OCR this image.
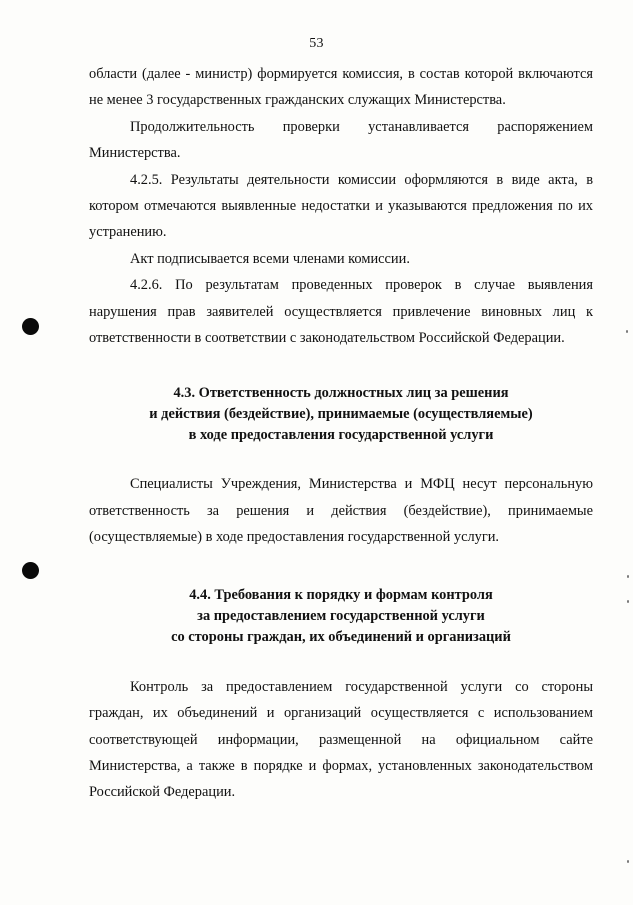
53

области (далее - министр) формируется комиссия, в состав которой включаются не менее 3 государственных гражданских служащих Министерства.

Продолжительность проверки устанавливается распоряжением Министерства.

4.2.5. Результаты деятельности комиссии оформляются в виде акта, в котором отмечаются выявленные недостатки и указываются предложения по их устранению.

Акт подписывается всеми членами комиссии.

4.2.6. По результатам проведенных проверок в случае выявления нарушения прав заявителей осуществляется привлечение виновных лиц к ответственности в соответствии с законодательством Российской Федерации.

4.3. Ответственность должностных лиц за решения
и действия (бездействие), принимаемые (осуществляемые)
в ходе предоставления государственной услуги

Специалисты Учреждения, Министерства и МФЦ несут персональную ответственность за решения и действия (бездействие), принимаемые (осуществляемые) в ходе предоставления государственной услуги.

4.4. Требования к порядку и формам контроля
за предоставлением государственной услуги
со стороны граждан, их объединений и организаций

Контроль за предоставлением государственной услуги со стороны граждан, их объединений и организаций осуществляется с использованием соответствующей информации, размещенной на официальном сайте Министерства, а также в порядке и формах, установленных законодательством Российской Федерации.
